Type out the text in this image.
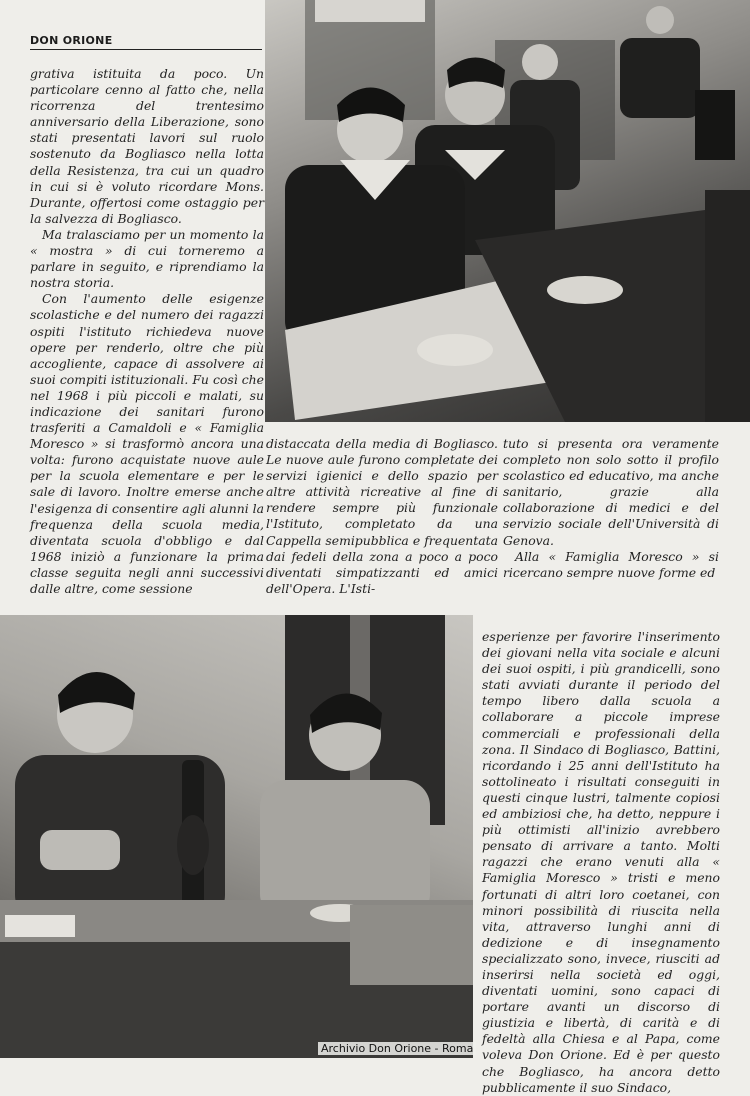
DON ORIONE

grativa istituita da poco. Un particolare cenno al fatto che, nella ricorrenza del trentesimo anniversario della Liberazione, sono stati presentati lavori sul ruolo sostenuto da Bogliasco nella lotta della Resistenza, tra cui un quadro in cui si è voluto ricordare Mons. Durante, offertosi come ostaggio per la salvezza di Bogliasco.

Ma tralasciamo per un momento la « mostra » di cui torneremo a parlare in seguito, e riprendiamo la nostra storia.

Con l'aumento delle esigenze scolastiche e del numero dei ragazzi ospiti l'istituto richiedeva nuove opere per renderlo, oltre che più accogliente, capace di assolvere ai suoi compiti istituzionali. Fu così che nel 1968 i più piccoli e malati, su indicazione dei sanitari furono trasferiti a Camaldoli e « Famiglia Moresco » si trasformò ancora una volta: furono acquistate nuove aule per la scuola elementare e per le sale di lavoro. Inoltre emerse anche l'esigenza di consentire agli alunni la frequenza della scuola media, diventata scuola d'obbligo e dal 1968 iniziò a funzionare la prima classe seguita negli anni successivi dalle altre, come sessione

distaccata della media di Bogliasco. Le nuove aule furono completate dei servizi igienici e dello spazio per altre attività ricreative al fine di rendere sempre più funzionale l'Istituto, completato da una Cappella semipubblica e frequentata dai fedeli della zona a poco a poco diventati simpatizzanti ed amici dell'Opera. L'Isti-

tuto si presenta ora veramente completo non solo sotto il profilo scolastico ed educativo, ma anche sanitario, grazie alla collaborazione di medici e del servizio sociale dell'Università di Genova.

Alla « Famiglia Moresco » si ricercano sempre nuove forme ed

esperienze per favorire l'inserimento dei giovani nella vita sociale e alcuni dei suoi ospiti, i più grandicelli, sono stati avviati durante il periodo del tempo libero dalla scuola a collaborare a piccole imprese commerciali e professionali della zona. Il Sindaco di Bogliasco, Battini, ricordando i 25 anni dell'Istituto ha sottolineato i risultati conseguiti in questi cinque lustri, talmente copiosi ed ambiziosi che, ha detto, neppure i più ottimisti all'inizio avrebbero pensato di arrivare a tanto. Molti ragazzi che erano venuti alla « Famiglia Moresco » tristi e meno fortunati di altri loro coetanei, con minori possibilità di riuscita nella vita, attraverso lunghi anni di dedizione e di insegnamento specializzato sono, invece, riusciti ad inserirsi nella società ed oggi, diventati uomini, sono capaci di portare avanti un discorso di giustizia e libertà, di carità e di fedeltà alla Chiesa e al Papa, come voleva Don Orione. Ed è per questo che Bogliasco, ha ancora detto pubblicamente il suo Sindaco,

Archivio Don Orione - Roma
